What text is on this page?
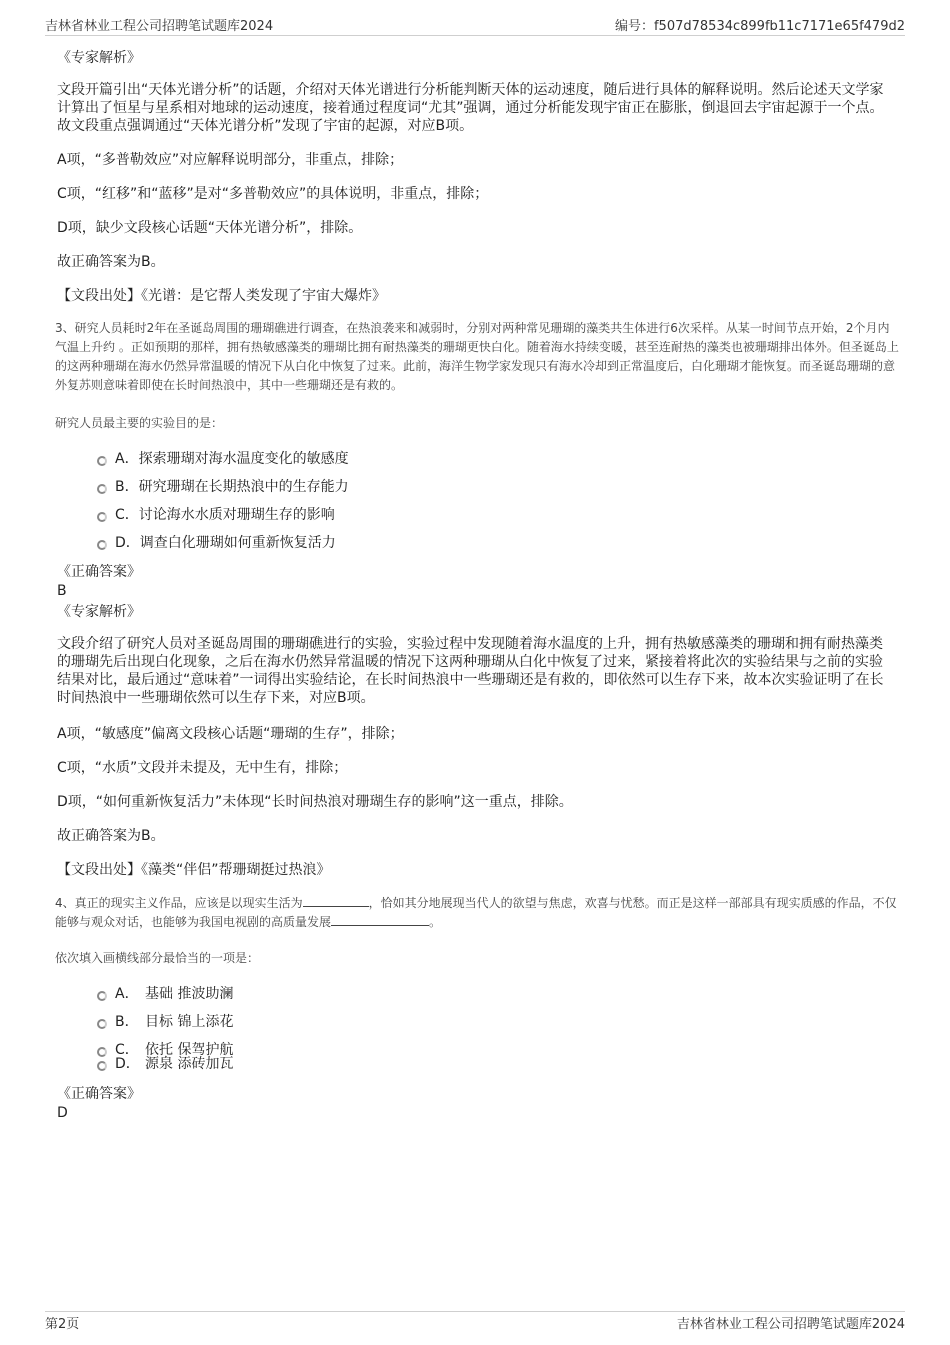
吉林省林业工程公司招聘笔试题库2024	编号：f507d78534c899fb11c7171e65f479d2
《专家解析》
文段开篇引出“天体光谱分析”的话题，介绍对天体光谱进行分析能判断天体的运动速度，随后进行具体的解释说明。然后论述天文学家计算出了恒星与星系相对地球的运动速度，接着通过程度词“尤其”强调，通过分析能发现宇宙正在膨胀，倒退回去宇宙起源于一个点。故文段重点强调通过“天体光谱分析”发现了宇宙的起源，对应B项。
A项，“多普勒效应”对应解释说明部分，非重点，排除；
C项，“红移”和“蓝移”是对“多普勒效应”的具体说明，非重点，排除；
D项，缺少文段核心话题“天体光谱分析”，排除。
故正确答案为B。
【文段出处】《光谱：是它帮人类发现了宇宙大爆炸》
3、研究人员耗时2年在圣诞岛周围的珊瑚礁进行调查，在热浪袭来和减弱时，分别对两种常见珊瑚的藻类共生体进行6次采样。从某一时间节点开始，2个月内气温上升约 。正如预期的那样，拥有热敏感藻类的珊瑚比拥有耐热藻类的珊瑚更快白化。随着海水持续变暖，甚至连耐热的藻类也被珊瑚排出体外。但圣诞岛上的这两种珊瑚在海水仍然异常温暖的情况下从白化中恢复了过来。此前，海洋生物学家发现只有海水冷却到正常温度后，白化珊瑚才能恢复。而圣诞岛珊瑚的意外复苏则意味着即使在长时间热浪中，其中一些珊瑚还是有救的。
研究人员最主要的实验目的是：
A．探索珊瑚对海水温度变化的敏感度
B．研究珊瑚在长期热浪中的生存能力
C．讨论海水水质对珊瑚生存的影响
D．调查白化珊瑚如何重新恢复活力
《正确答案》
B
《专家解析》
文段介绍了研究人员对圣诞岛周围的珊瑚礁进行的实验，实验过程中发现随着海水温度的上升，拥有热敏感藻类的珊瑚和拥有耐热藻类的珊瑚先后出现白化现象，之后在海水仍然异常温暖的情况下这两种珊瑚从白化中恢复了过来，紧接着将此次的实验结果与之前的实验结果对比，最后通过“意味着”一词得出实验结论，在长时间热浪中一些珊瑚还是有救的，即依然可以生存下来，故本次实验证明了在长时间热浪中一些珊瑚依然可以生存下来，对应B项。
A项，“敏感度”偏离文段核心话题“珊瑚的生存”，排除；
C项，“水质”文段并未提及，无中生有，排除；
D项，“如何重新恢复活力”未体现“长时间热浪对珊瑚生存的影响”这一重点，排除。
故正确答案为B。
【文段出处】《藻类“伴侣”帮珊瑚挺过热浪》
4、真正的现实主义作品，应该是以现实生活为	，恰如其分地展现当代人的欲望与焦虑，欢喜与忧愁。而正是这样一部部具有现实质感的作品，不仅能够与观众对话，也能够为我国电视剧的高质量发展	。
依次填入画横线部分最恰当的一项是：
A． 基础 推波助澜
B． 目标 锦上添花
C． 依托 保驾护航
D． 源泉 添砖加瓦
《正确答案》
D
第2页	吉林省林业工程公司招聘笔试题库2024
